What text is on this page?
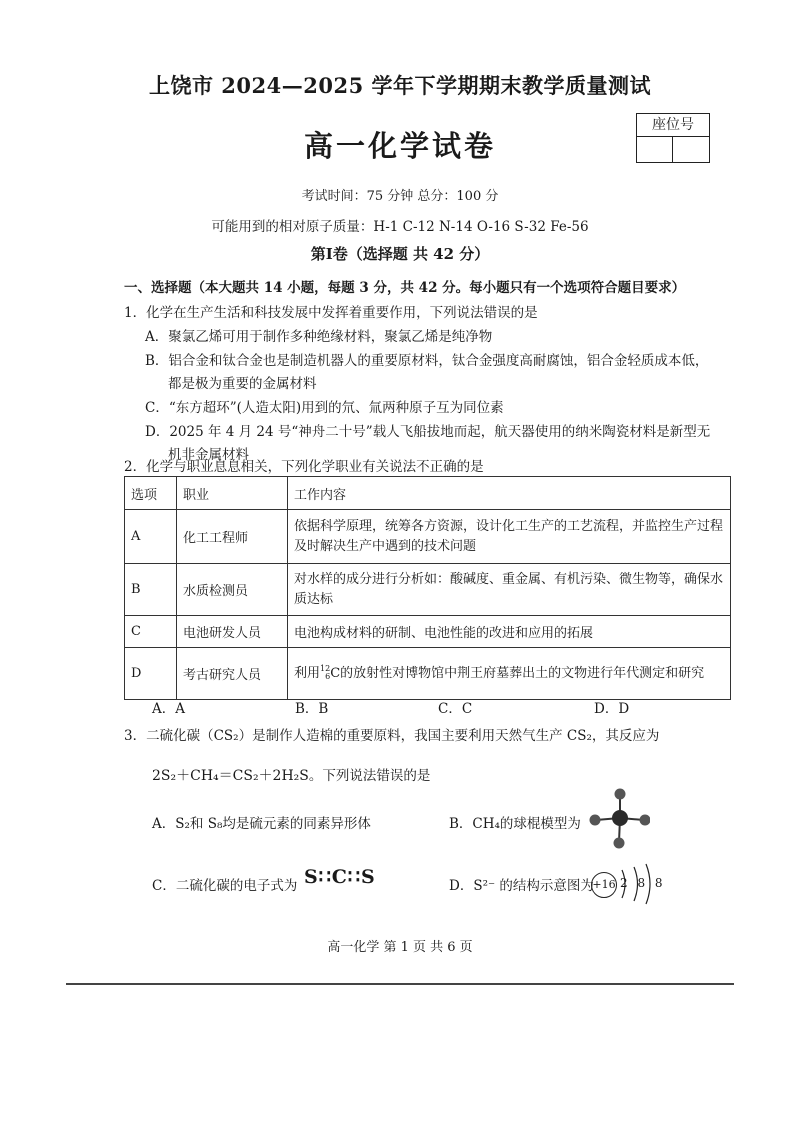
上饶市 2024—2025 学年下学期期末教学质量测试
高一化学试卷
座位号
考试时间：75 分钟 总分：100 分
可能用到的相对原子质量：H-1 C-12 N-14 O-16 S-32 Fe-56
第Ⅰ卷（选择题 共 42 分）
一、选择题（本大题共 14 小题，每题 3 分，共 42 分。每小题只有一个选项符合题目要求）
1．化学在生产生活和科技发展中发挥着重要作用，下列说法错误的是
A．聚氯乙烯可用于制作多种绝缘材料，聚氯乙烯是纯净物
B．铝合金和钛合金也是制造机器人的重要原材料，钛合金强度高耐腐蚀，铝合金轻质成本低，
都是极为重要的金属材料
C．“东方超环”(人造太阳)用到的氘、氚两种原子互为同位素
D．2025 年 4 月 24 号“神舟二十号”载人飞船拔地而起，航天器使用的纳米陶瓷材料是新型无
机非金属材料
2．化学与职业息息相关，下列化学职业有关说法不正确的是
选项	职业	工作内容
A	化工工程师	依据科学原理，统筹各方资源，设计化工生产的工艺流程，并监控生产过程及时解决生产中遇到的技术问题
B	水质检测员	对水样的成分进行分析如：酸碱度、重金属、有机污染、微生物等，确保水质达标
C	电池研发人员	电池构成材料的研制、电池性能的改进和应用的拓展
D	考古研究人员	利用 12
6 C的放射性对博物馆中荆王府墓葬出土的文物进行年代测定和研究
A．A	B．B	C．C	D．D
3．二硫化碳（CS₂）是制作人造棉的重要原料，我国主要利用天然气生产 CS₂，其反应为
2S₂＋CH₄＝CS₂＋2H₂S。下列说法错误的是
A．S₂和 S₈均是硫元素的同素异形体	B．CH₄的球棍模型为
C．二硫化碳的电子式为 S∷C∷S	D．S²⁻ 的结构示意图为
+16 2 8 8
高一化学 第 1 页 共 6 页
